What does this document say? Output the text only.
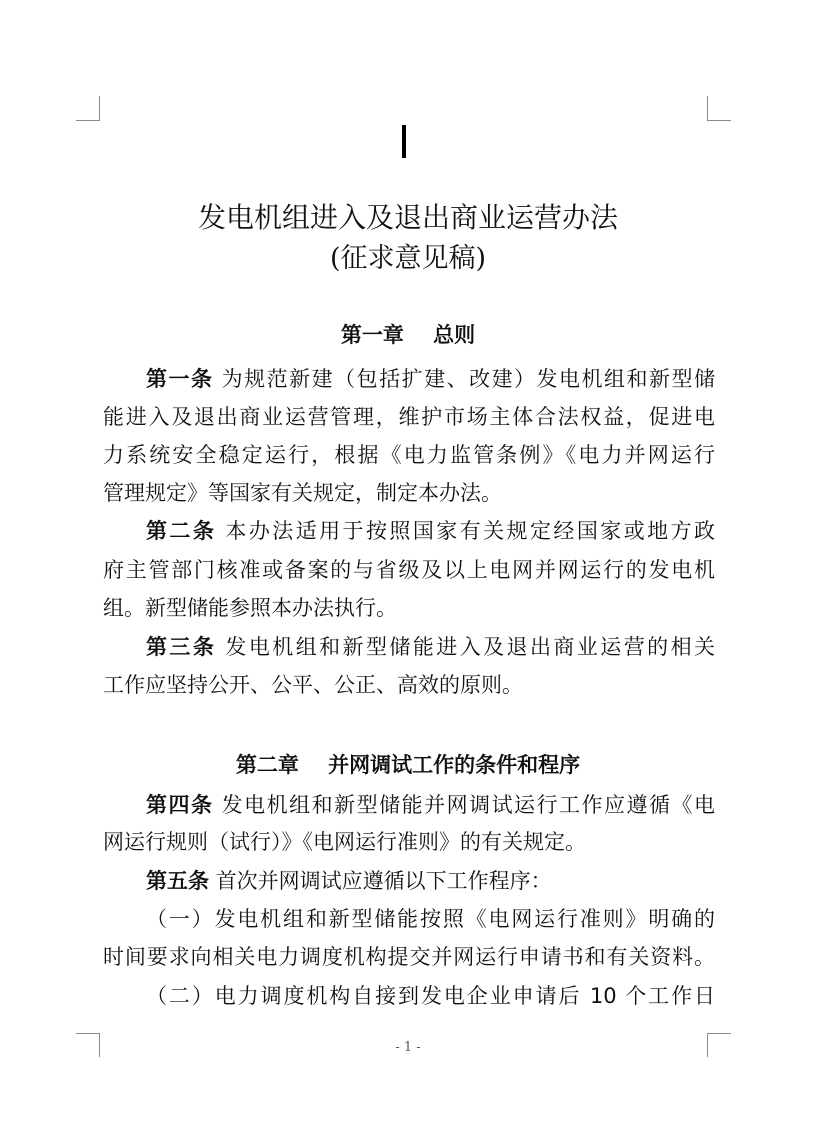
发电机组进入及退出商业运营办法
(征求意见稿)
第一章    总则
第一条 为规范新建（包括扩建、改建）发电机组和新型储
能进入及退出商业运营管理，维护市场主体合法权益，促进电
力系统安全稳定运行，根据《电力监管条例》《电力并网运行
管理规定》等国家有关规定，制定本办法。
第二条 本办法适用于按照国家有关规定经国家或地方政
府主管部门核准或备案的与省级及以上电网并网运行的发电机
组。新型储能参照本办法执行。
第三条 发电机组和新型储能进入及退出商业运营的相关
工作应坚持公开、公平、公正、高效的原则。
第二章    并网调试工作的条件和程序
第四条 发电机组和新型储能并网调试运行工作应遵循《电
网运行规则（试行）》《电网运行准则》的有关规定。
第五条 首次并网调试应遵循以下工作程序：
（一）发电机组和新型储能按照《电网运行准则》明确的
时间要求向相关电力调度机构提交并网运行申请书和有关资料。
（二）电力调度机构自接到发电企业申请后 10 个工作日
- 1 -
